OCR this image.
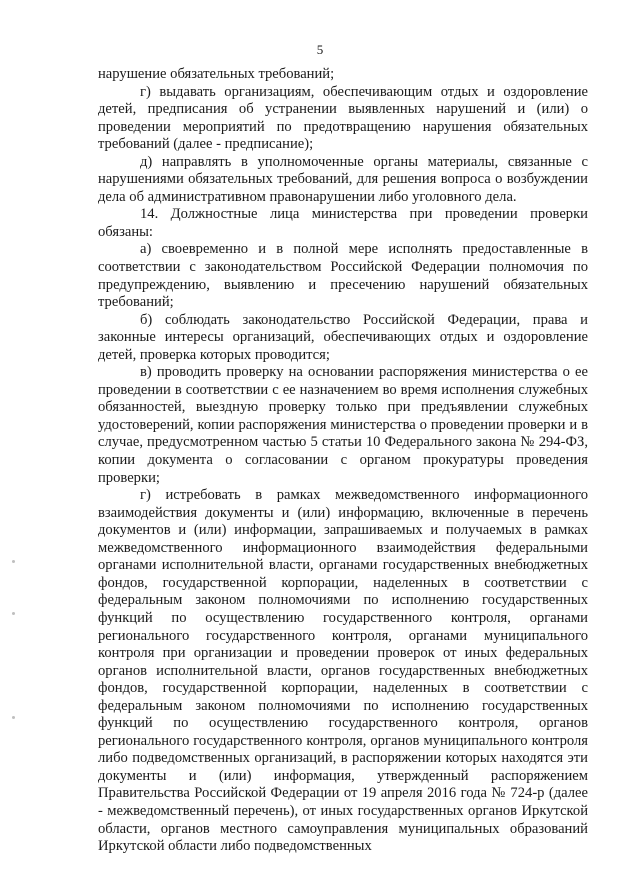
5

нарушение обязательных требований;

г) выдавать организациям, обеспечивающим отдых и оздоровление детей, предписания об устранении выявленных нарушений и (или) о проведении мероприятий по предотвращению нарушения обязательных требований (далее - предписание);

д) направлять в уполномоченные органы материалы, связанные с нарушениями обязательных требований, для решения вопроса о возбуждении дела об административном правонарушении либо уголовного дела.

14. Должностные лица министерства при проведении проверки обязаны:

а) своевременно и в полной мере исполнять предоставленные в соответствии с законодательством Российской Федерации полномочия по предупреждению, выявлению и пресечению нарушений обязательных требований;

б) соблюдать законодательство Российской Федерации, права и законные интересы организаций, обеспечивающих отдых и оздоровление детей, проверка которых проводится;

в) проводить проверку на основании распоряжения министерства о ее проведении в соответствии с ее назначением во время исполнения служебных обязанностей, выездную проверку только при предъявлении служебных удостоверений, копии распоряжения министерства о проведении проверки и в случае, предусмотренном частью 5 статьи 10 Федерального закона № 294-ФЗ, копии документа о согласовании с органом прокуратуры проведения проверки;

г) истребовать в рамках межведомственного информационного взаимодействия документы и (или) информацию, включенные в перечень документов и (или) информации, запрашиваемых и получаемых в рамках межведомственного информационного взаимодействия федеральными органами исполнительной власти, органами государственных внебюджетных фондов, государственной корпорации, наделенных в соответствии с федеральным законом полномочиями по исполнению государственных функций по осуществлению государственного контроля, органами регионального государственного контроля, органами муниципального контроля при организации и проведении проверок от иных федеральных органов исполнительной власти, органов государственных внебюджетных фондов, государственной корпорации, наделенных в соответствии с федеральным законом полномочиями по исполнению государственных функций по осуществлению государственного контроля, органов регионального государственного контроля, органов муниципального контроля либо подведомственных организаций, в распоряжении которых находятся эти документы и (или) информация, утвержденный распоряжением Правительства Российской Федерации от 19 апреля 2016 года № 724-р (далее - межведомственный перечень), от иных государственных органов Иркутской области, органов местного самоуправления муниципальных образований Иркутской области либо подведомственных
